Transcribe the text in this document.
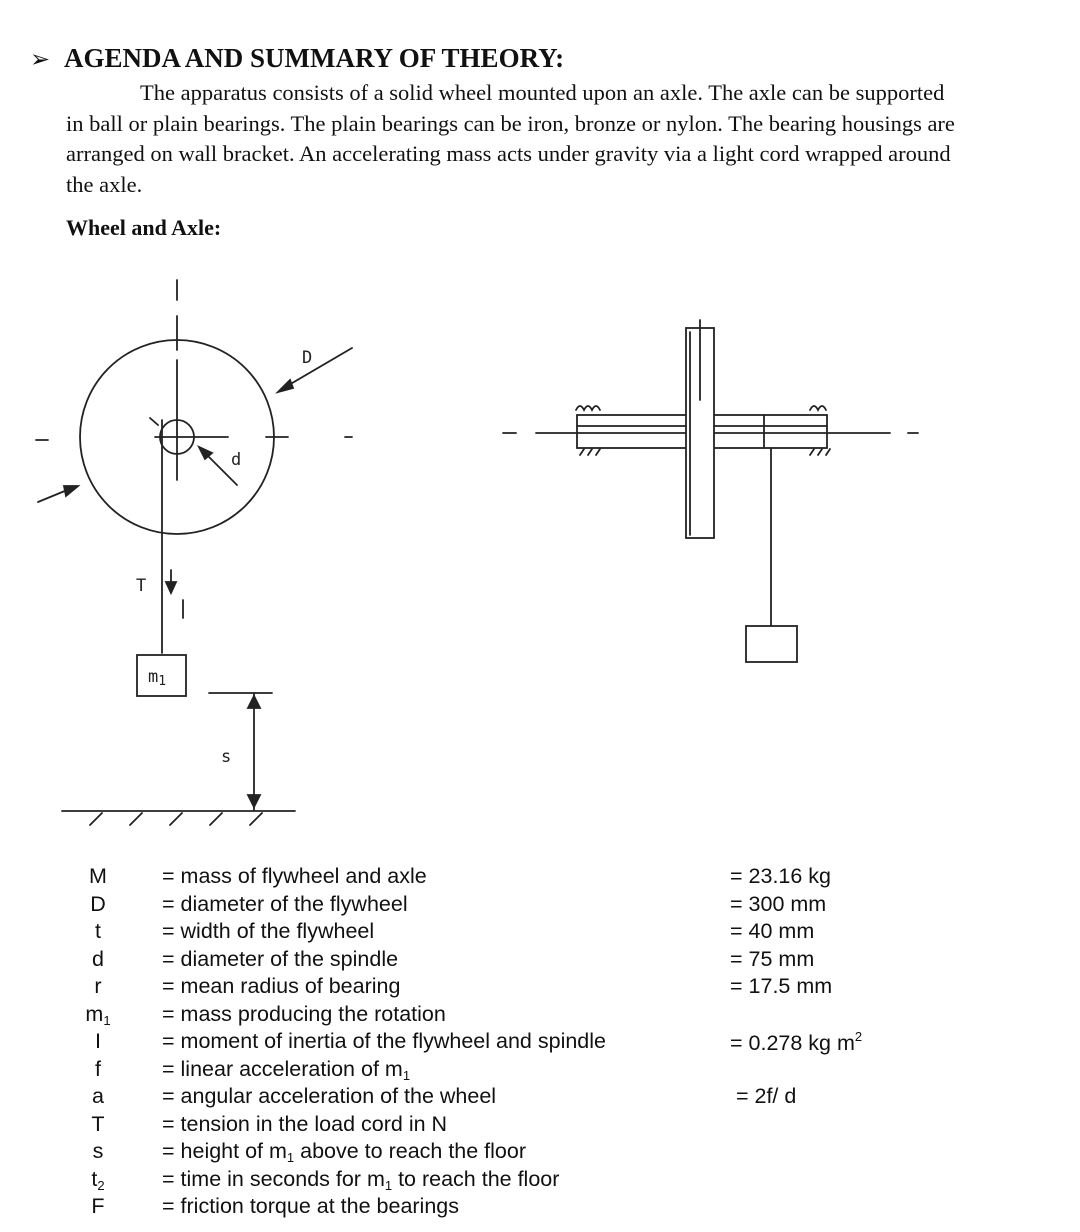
➢ AGENDA AND SUMMARY OF THEORY:

The apparatus consists of a solid wheel mounted upon an axle. The axle can be supported in ball or plain bearings. The plain bearings can be iron, bronze or nylon. The bearing housings are arranged on wall bracket. An accelerating mass acts under gravity via a light cord wrapped around the axle.

Wheel and Axle:
D
d
T
m1
s
M	= mass of flywheel and axle	= 23.16 kg
D	= diameter of the flywheel	= 300 mm
t	= width of the flywheel	= 40 mm
d	= diameter of the spindle	= 75 mm
r	= mean radius of bearing	= 17.5 mm
$m_1$	= mass producing the rotation
I	= moment of inertia of the flywheel and spindle	= 0.278 kg $m^2$
f	= linear acceleration of $m_1$
a	= angular acceleration of the wheel	= 2f/ d
T	= tension in the load cord in N
s	= height of $m_1$ above to reach the floor
$t_2$	= time in seconds for $m_1$ to reach the floor
F	= friction torque at the bearings
